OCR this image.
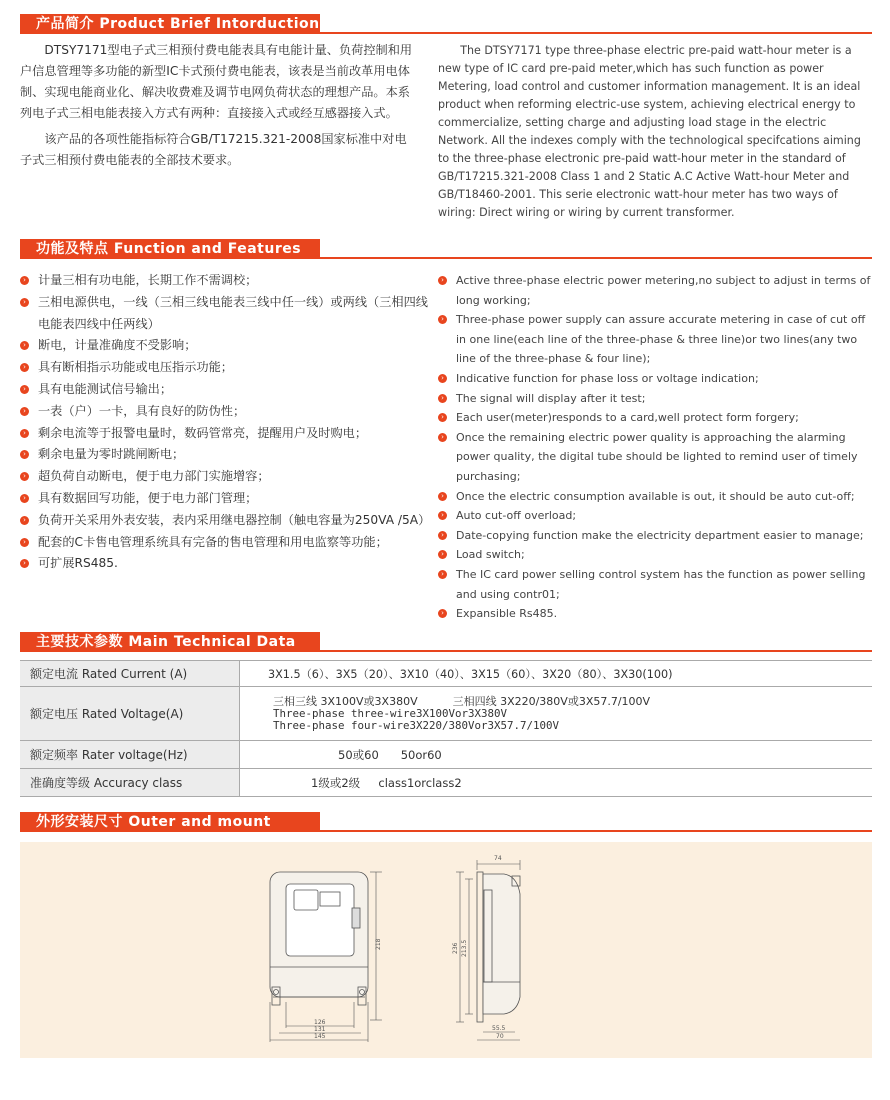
产品简介 Product Brief Intorduction

DTSY7171型电子式三相预付费电能表具有电能计量、负荷控制和用户信息管理等多功能的新型IC卡式预付费电能表，该表是当前改革用电体制、实现电能商业化、解决收费难及调节电网负荷状态的理想产品。本系列电子式三相电能表接入方式有两种：直接接入式或经互感器接入式。

该产品的各项性能指标符合GB/T17215.321-2008国家标准中对电子式三相预付费电能表的全部技术要求。

The DTSY7171 type three-phase electric pre-paid watt-hour meter is a new type of IC card pre-paid meter,which has such function as power Metering, load control and customer information management. It is an ideal product when reforming electric-use system, achieving electrical energy to commercialize, setting charge and adjusting load stage in the electric Network. All the indexes comply with the technological specifcations aiming to the three-phase electronic pre-paid watt-hour meter in the standard of GB/T17215.321-2008 Class 1 and 2 Static A.C Active Watt-hour Meter and GB/T18460-2001. This serie electronic watt-hour meter has two ways of wiring: Direct wiring or wiring by current transformer.

功能及特点 Function and Features
› 计量三相有功电能，长期工作不需调校；
› 三相电源供电，一线（三相三线电能表三线中任一线）或两线（三相四线电能表四线中任两线）
› 断电，计量准确度不受影响；
› 具有断相指示功能或电压指示功能；
› 具有电能测试信号输出；
› 一表（户）一卡，具有良好的防伪性；
› 剩余电流等于报警电量时，数码管常亮，提醒用户及时购电；
› 剩余电量为零时跳闸断电；
› 超负荷自动断电，便于电力部门实施增容；
› 具有数据回写功能，便于电力部门管理；
› 负荷开关采用外表安装，表内采用继电器控制（触电容量为250VA /5A）
› 配套的C卡售电管理系统具有完备的售电管理和用电监察等功能；
› 可扩展RS485.
› Active three-phase electric power metering,no subject to adjust in terms of long working;
› Three-phase power supply can assure accurate metering in case of cut off in one line(each line of the three-phase & three line)or two lines(any two line of the three-phase & four line);
› Indicative function for phase loss or voltage indication;
› The signal will display after it test;
› Each user(meter)responds to a card,well protect form forgery;
› Once the remaining electric power quality is approaching the alarming power quality, the digital tube should be lighted to remind user of timely purchasing;
› Once the electric consumption available is out, it should be auto cut-off;
› Auto cut-off overload;
› Date-copying function make the electricity department easier to manage;
› Load switch;
› The IC card power selling control system has the function as power selling and using contr01;
› Expansible Rs485.
主要技术参数 Main Technical Data
额定电流 Rated Current (A)	3X1.5（6）、3X5（20）、3X10（40）、3X15（60）、3X20（80）、3X30(100)
额定电压 Rated Voltage(A)	三相三线 3X100V或3X380V          三相四线 3X220/380V或3X57.7/100V
Three-phase three-wire3X100Vor3X380V
Three-phase four-wire3X220/380Vor3X57.7/100V

额定频率 Rater voltage(Hz)	50或60      50or60
准确度等级 Accuracy class	1级或2级     class1orclass2
外形安装尺寸 Outer and mount
218
126
131
145
74
236 213.5
55.5
70
